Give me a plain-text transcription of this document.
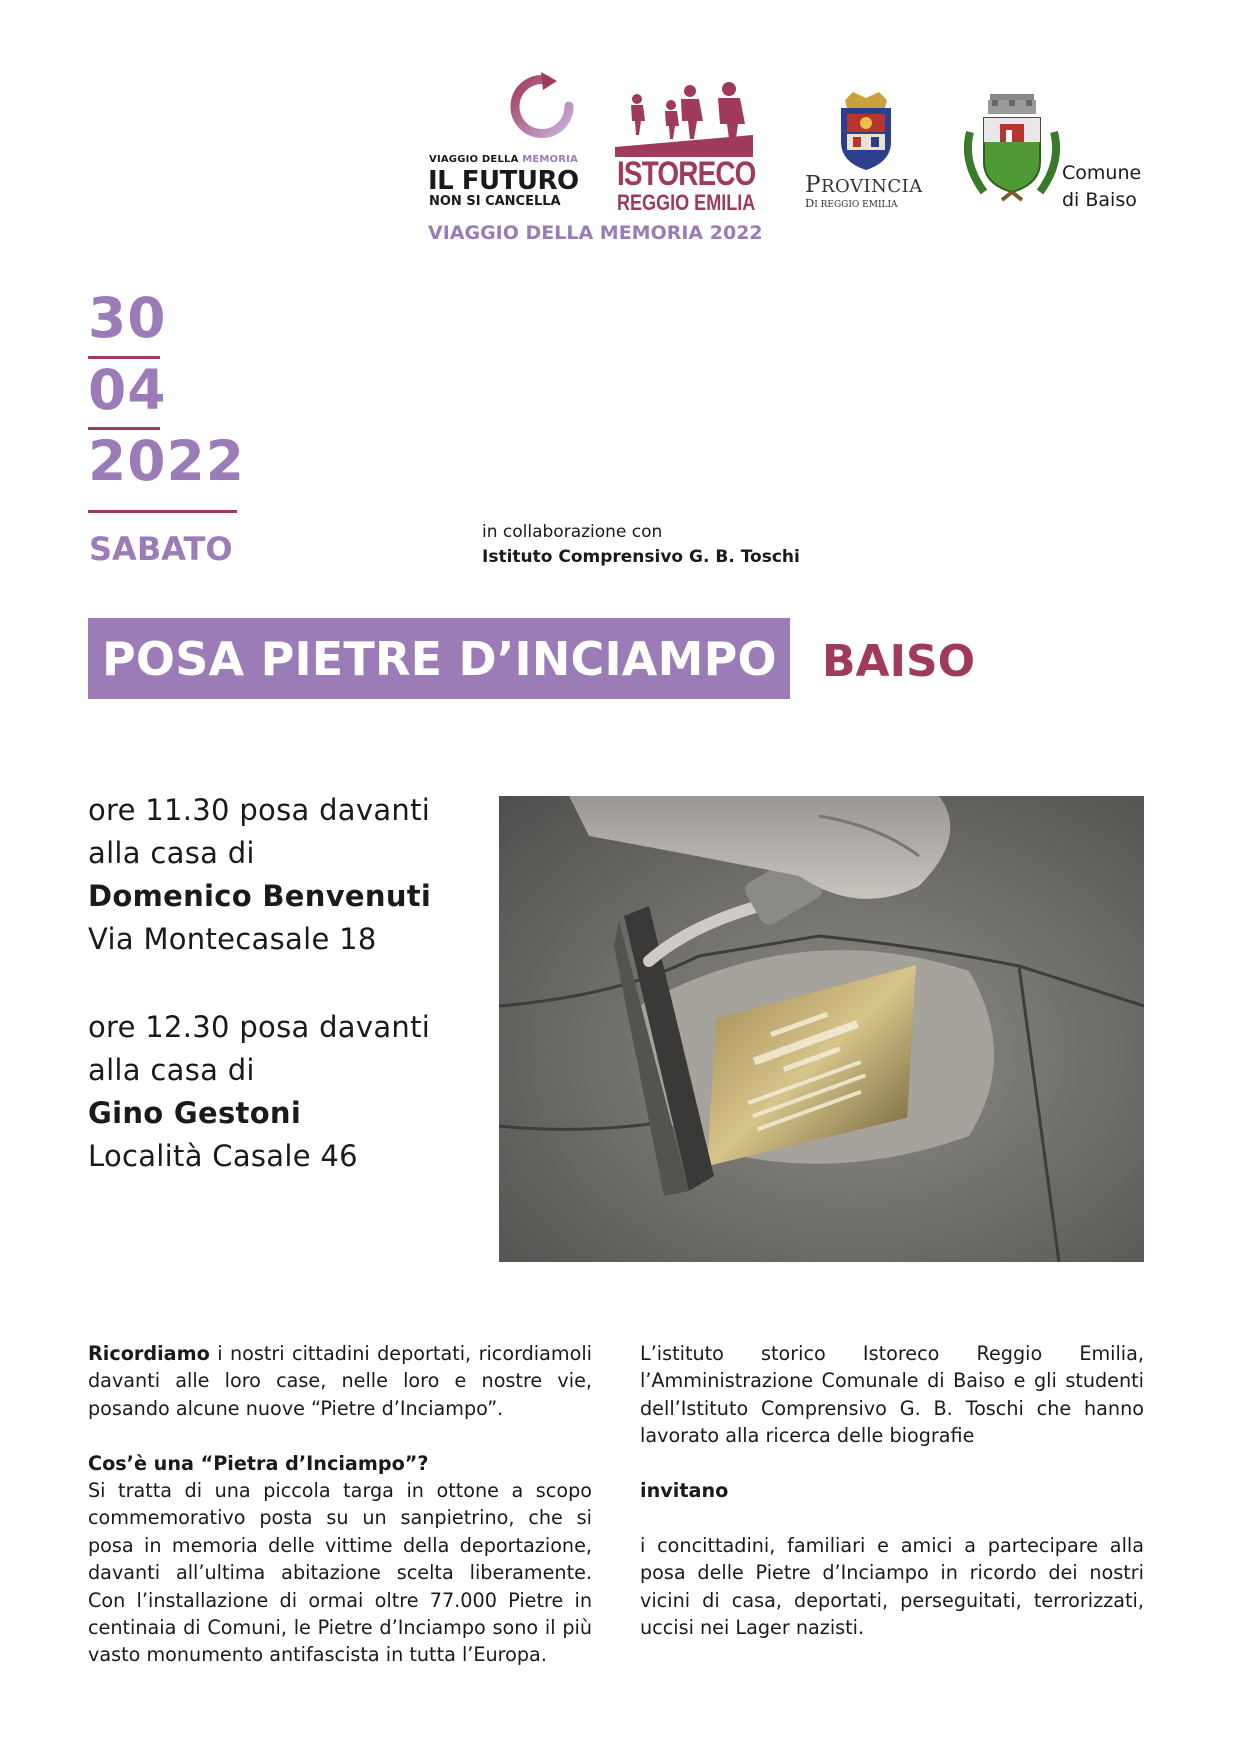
VIAGGIO DELLA MEMORIA
IL FUTURO
NON SI CANCELLA
ISTORECO
REGGIO EMILIA
VIAGGIO DELLA MEMORIA 2022
PROVINCIA
DI REGGIO EMILIA
Comune
di Baiso
30
04
2022
SABATO	in collaborazione con
Istituto Comprensivo G. B. Toschi
POSA PIETRE D’INCIAMPO BAISO
ore 11.30 posa davanti
alla casa di
Domenico Benvenuti
Via Montecasale 18
ore 12.30 posa davanti
alla casa di
Gino Gestoni
Località Casale 46

Ricordiamo i nostri cittadini deportati, ricordiamoli davanti alle loro case, nelle loro e nostre vie, posando alcune nuove “Pietre d’Inciampo”.

Cos’è una “Pietra d’Inciampo”?

Si tratta di una piccola targa in ottone a scopo commemorativo posta su un sanpietrino, che si posa in memoria delle vittime della deportazione, davanti all’ultima abitazione scelta liberamente. Con l’installazione di ormai oltre 77.000 Pietre in centinaia di Comuni, le Pietre d’Inciampo sono il più vasto monumento antifascista in tutta l’Europa.

L’istituto storico Istoreco Reggio Emilia, l’Amministrazione Comunale di Baiso e gli studenti dell’Istituto Comprensivo G. B. Toschi che hanno lavorato alla ricerca delle biografie

invitano

i concittadini, familiari e amici a partecipare alla posa delle Pietre d’Inciampo in ricordo dei nostri vicini di casa, deportati, perseguitati, terrorizzati, uccisi nei Lager nazisti.
